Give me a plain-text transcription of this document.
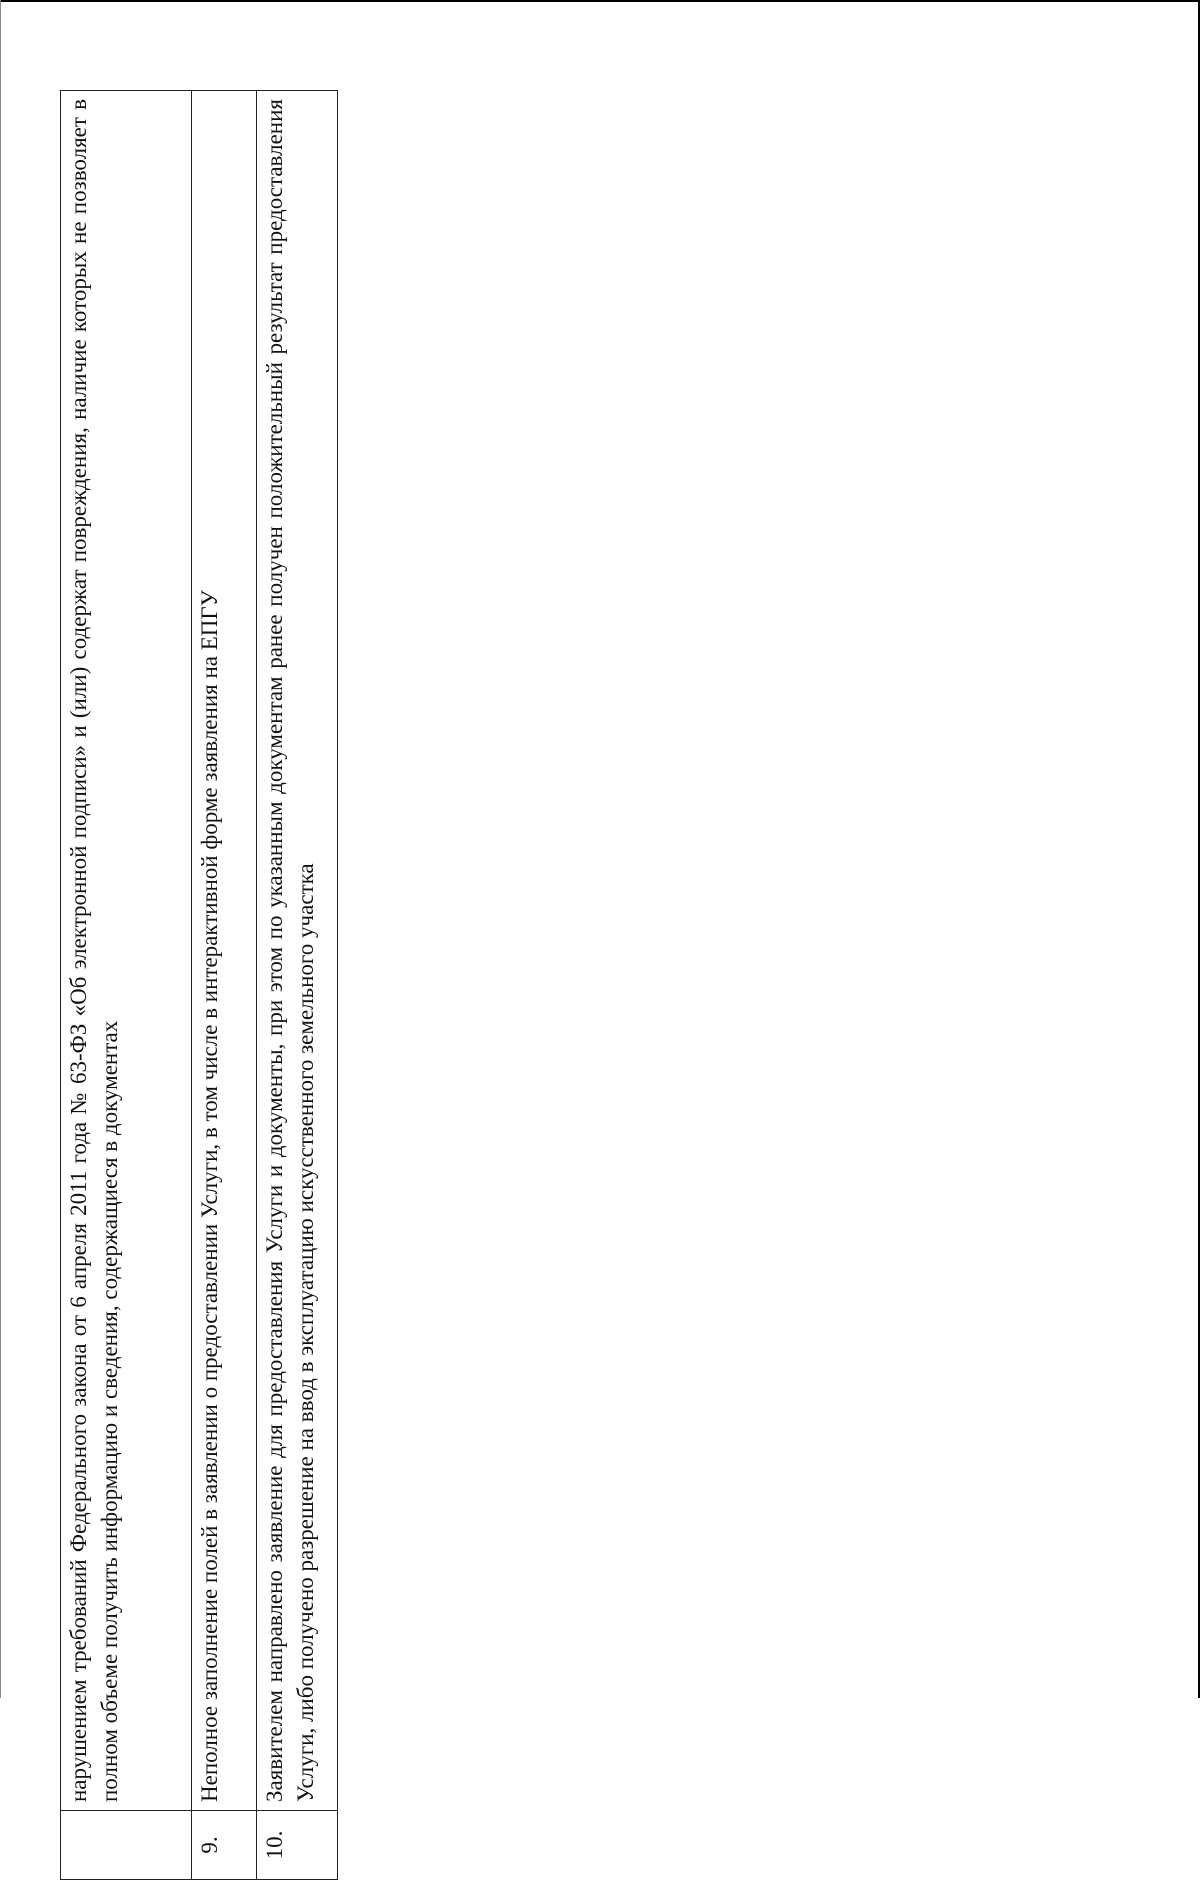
	нарушением требований Федерального закона от 6 апреля 2011 года № 63-ФЗ «Об электронной подписи» и (или) содержат повреждения, наличие которых не позволяет в полном объеме получить информацию и сведения, содержащиеся в документах
9.	Неполное заполнение полей в заявлении о предоставлении Услуги, в том числе в интерактивной форме заявления на ЕПГУ
10.	Заявителем направлено заявление для предоставления Услуги и документы, при этом по указанным документам ранее получен положительный результат предоставления Услуги, либо получено разрешение на ввод в эксплуатацию искусственного земельного участка
